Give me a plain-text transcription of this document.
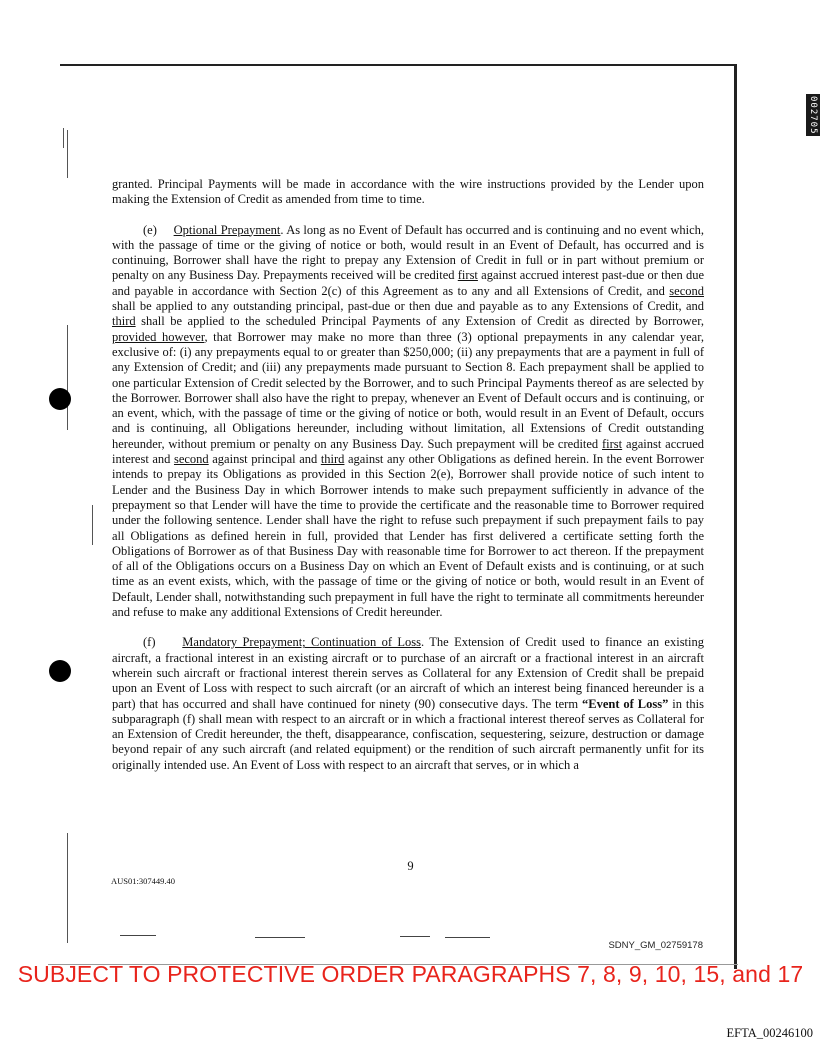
002705

granted. Principal Payments will be made in accordance with the wire instructions provided by the Lender upon making the Extension of Credit as amended from time to time.

(e) Optional Prepayment. As long as no Event of Default has occurred and is continuing and no event which, with the passage of time or the giving of notice or both, would result in an Event of Default, has occurred and is continuing, Borrower shall have the right to prepay any Extension of Credit in full or in part without premium or penalty on any Business Day. Prepayments received will be credited first against accrued interest past-due or then due and payable in accordance with Section 2(c) of this Agreement as to any and all Extensions of Credit, and second shall be applied to any outstanding principal, past-due or then due and payable as to any Extensions of Credit, and third shall be applied to the scheduled Principal Payments of any Extension of Credit as directed by Borrower, provided however, that Borrower may make no more than three (3) optional prepayments in any calendar year, exclusive of: (i) any prepayments equal to or greater than $250,000; (ii) any prepayments that are a payment in full of any Extension of Credit; and (iii) any prepayments made pursuant to Section 8. Each prepayment shall be applied to one particular Extension of Credit selected by the Borrower, and to such Principal Payments thereof as are selected by the Borrower. Borrower shall also have the right to prepay, whenever an Event of Default occurs and is continuing, or an event, which, with the passage of time or the giving of notice or both, would result in an Event of Default, occurs and is continuing, all Obligations hereunder, including without limitation, all Extensions of Credit outstanding hereunder, without premium or penalty on any Business Day. Such prepayment will be credited first against accrued interest and second against principal and third against any other Obligations as defined herein. In the event Borrower intends to prepay its Obligations as provided in this Section 2(e), Borrower shall provide notice of such intent to Lender and the Business Day in which Borrower intends to make such prepayment sufficiently in advance of the prepayment so that Lender will have the time to provide the certificate and the reasonable time to Borrower required under the following sentence. Lender shall have the right to refuse such prepayment if such prepayment fails to pay all Obligations as defined herein in full, provided that Lender has first delivered a certificate setting forth the Obligations of Borrower as of that Business Day with reasonable time for Borrower to act thereon. If the prepayment of all of the Obligations occurs on a Business Day on which an Event of Default exists and is continuing, or at such time as an event exists, which, with the passage of time or the giving of notice or both, would result in an Event of Default, Lender shall, notwithstanding such prepayment in full have the right to terminate all commitments hereunder and refuse to make any additional Extensions of Credit hereunder.

(f) Mandatory Prepayment; Continuation of Loss. The Extension of Credit used to finance an existing aircraft, a fractional interest in an existing aircraft or to purchase of an aircraft or a fractional interest in an aircraft wherein such aircraft or fractional interest therein serves as Collateral for any Extension of Credit shall be prepaid upon an Event of Loss with respect to such aircraft (or an aircraft of which an interest being financed hereunder is a part) that has occurred and shall have continued for ninety (90) consecutive days. The term “Event of Loss” in this subparagraph (f) shall mean with respect to an aircraft or in which a fractional interest thereof serves as Collateral for an Extension of Credit hereunder, the theft, disappearance, confiscation, sequestering, seizure, destruction or damage beyond repair of any such aircraft (and related equipment) or the rendition of such aircraft permanently unfit for its originally intended use. An Event of Loss with respect to an aircraft that serves, or in which a

9
AUS01:307449.40
SDNY_GM_02759178
SUBJECT TO PROTECTIVE ORDER PARAGRAPHS 7, 8, 9, 10, 15, and 17
EFTA_00246100
